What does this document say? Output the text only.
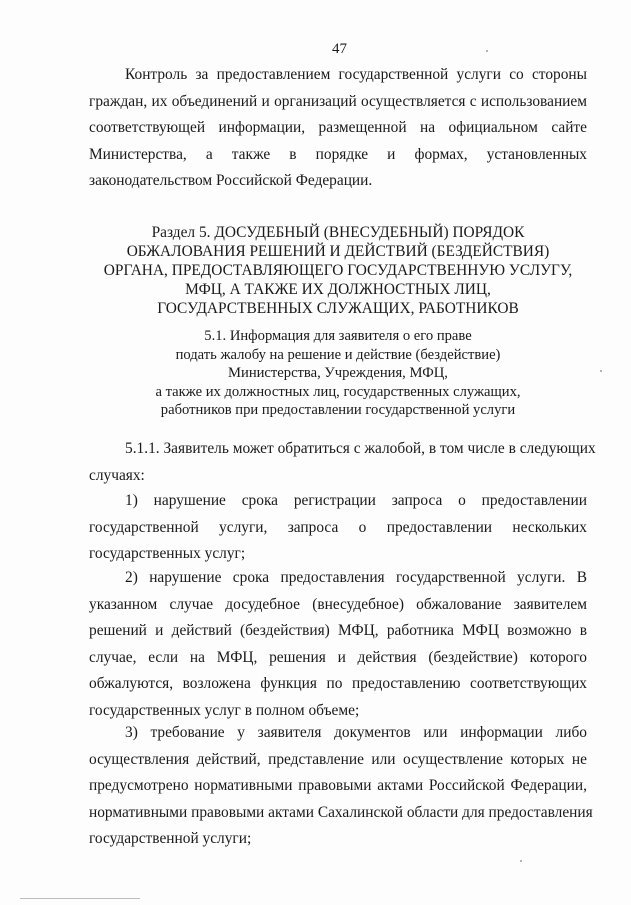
47
Контроль за предоставлением государственной услуги со стороны
граждан, их объединений и организаций осуществляется с использованием
соответствующей информации, размещенной на официальном сайте
Министерства, а также в порядке и формах, установленных
законодательством Российской Федерации.
Раздел 5. ДОСУДЕБНЫЙ (ВНЕСУДЕБНЫЙ) ПОРЯДОК
ОБЖАЛОВАНИЯ РЕШЕНИЙ И ДЕЙСТВИЙ (БЕЗДЕЙСТВИЯ)
ОРГАНА, ПРЕДОСТАВЛЯЮЩЕГО ГОСУДАРСТВЕННУЮ УСЛУГУ,
МФЦ, А ТАКЖЕ ИХ ДОЛЖНОСТНЫХ ЛИЦ,
ГОСУДАРСТВЕННЫХ СЛУЖАЩИХ, РАБОТНИКОВ
5.1. Информация для заявителя о его праве
подать жалобу на решение и действие (бездействие)
Министерства, Учреждения, МФЦ,
а также их должностных лиц, государственных служащих,
работников при предоставлении государственной услуги
5.1.1. Заявитель может обратиться с жалобой, в том числе в следующих
случаях:
1) нарушение срока регистрации запроса о предоставлении
государственной услуги, запроса о предоставлении нескольких
государственных услуг;
2) нарушение срока предоставления государственной услуги. В
указанном случае досудебное (внесудебное) обжалование заявителем
решений и действий (бездействия) МФЦ, работника МФЦ возможно в
случае, если на МФЦ, решения и действия (бездействие) которого
обжалуются, возложена функция по предоставлению соответствующих
государственных услуг в полном объеме;
3) требование у заявителя документов или информации либо
осуществления действий, представление или осуществление которых не
предусмотрено нормативными правовыми актами Российской Федерации,
нормативными правовыми актами Сахалинской области для предоставления
государственной услуги;
